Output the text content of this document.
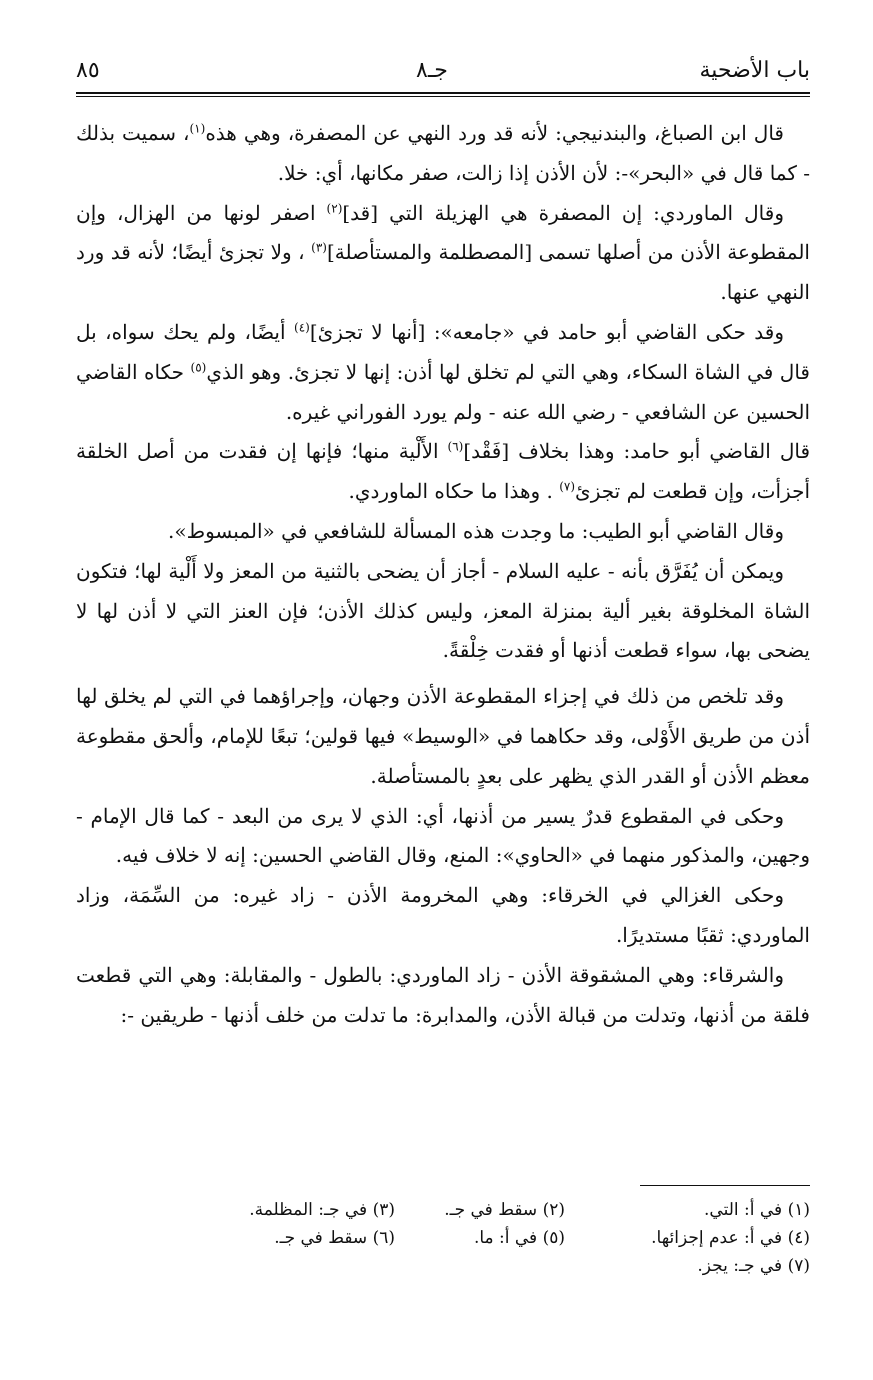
باب الأضحية
جـ٨
٨٥

قال ابن الصباغ، والبندنيجي: لأنه قد ورد النهي عن المصفرة، وهي هذه$^{(١)}$، سميت بذلك - كما قال في «البحر»-: لأن الأذن إذا زالت، صفر مكانها، أي: خلا.

وقال الماوردي: إن المصفرة هي الهزيلة التي [قد]$^{(٢)}$ اصفر لونها من الهزال، وإن المقطوعة الأذن من أصلها تسمى [المصطلمة والمستأصلة]$^{(٣)}$ ، ولا تجزئ أيضًا؛ لأنه قد ورد النهي عنها.

وقد حكى القاضي أبو حامد في «جامعه»: [أنها لا تجزئ]$^{(٤)}$ أيضًا، ولم يحك سواه، بل قال في الشاة السكاء، وهي التي لم تخلق لها أذن: إنها لا تجزئ. وهو الذي$^{(٥)}$ حكاه القاضي الحسين عن الشافعي - رضي الله عنه - ولم يورد الفوراني غيره.

قال القاضي أبو حامد: وهذا بخلاف [فَقْد]$^{(٦)}$ الأَلْية منها؛ فإنها إن فقدت من أصل الخلقة أجزأت، وإن قطعت لم تجزئ$^{(٧)}$ . وهذا ما حكاه الماوردي.

وقال القاضي أبو الطيب: ما وجدت هذه المسألة للشافعي في «المبسوط».

ويمكن أن يُفَرَّق بأنه - عليه السلام - أجاز أن يضحى بالثنية من المعز ولا أَلْية لها؛ فتكون الشاة المخلوقة بغير ألية بمنزلة المعز، وليس كذلك الأذن؛ فإن العنز التي لا أذن لها لا يضحى بها، سواء قطعت أذنها أو فقدت خِلْقةً.

وقد تلخص من ذلك في إجزاء المقطوعة الأذن وجهان، وإجراؤهما في التي لم يخلق لها أذن من طريق الأَوْلى، وقد حكاهما في «الوسيط» فيها قولين؛ تبعًا للإمام، وألحق مقطوعة معظم الأذن أو القدر الذي يظهر على بعدٍ بالمستأصلة.

وحكى في المقطوع قدرٌ يسير من أذنها، أي: الذي لا يرى من البعد - كما قال الإمام - وجهين، والمذكور منهما في «الحاوي»: المنع، وقال القاضي الحسين: إنه لا خلاف فيه.

وحكى الغزالي في الخرقاء: وهي المخرومة الأذن - زاد غيره: من السِّمَة، وزاد الماوردي: ثقبًا مستديرًا.

والشرقاء: وهي المشقوقة الأذن - زاد الماوردي: بالطول - والمقابلة: وهي التي قطعت فلقة من أذنها، وتدلت من قبالة الأذن، والمدابرة: ما تدلت من خلف أذنها - طريقين -:

(١) في أ: التي.
(٢) سقط في جـ.
(٣) في جـ: المظلمة.
(٤) في أ: عدم إجزائها.
(٥) في أ: ما.
(٦) سقط في جـ.
(٧) في جـ: يجز.
